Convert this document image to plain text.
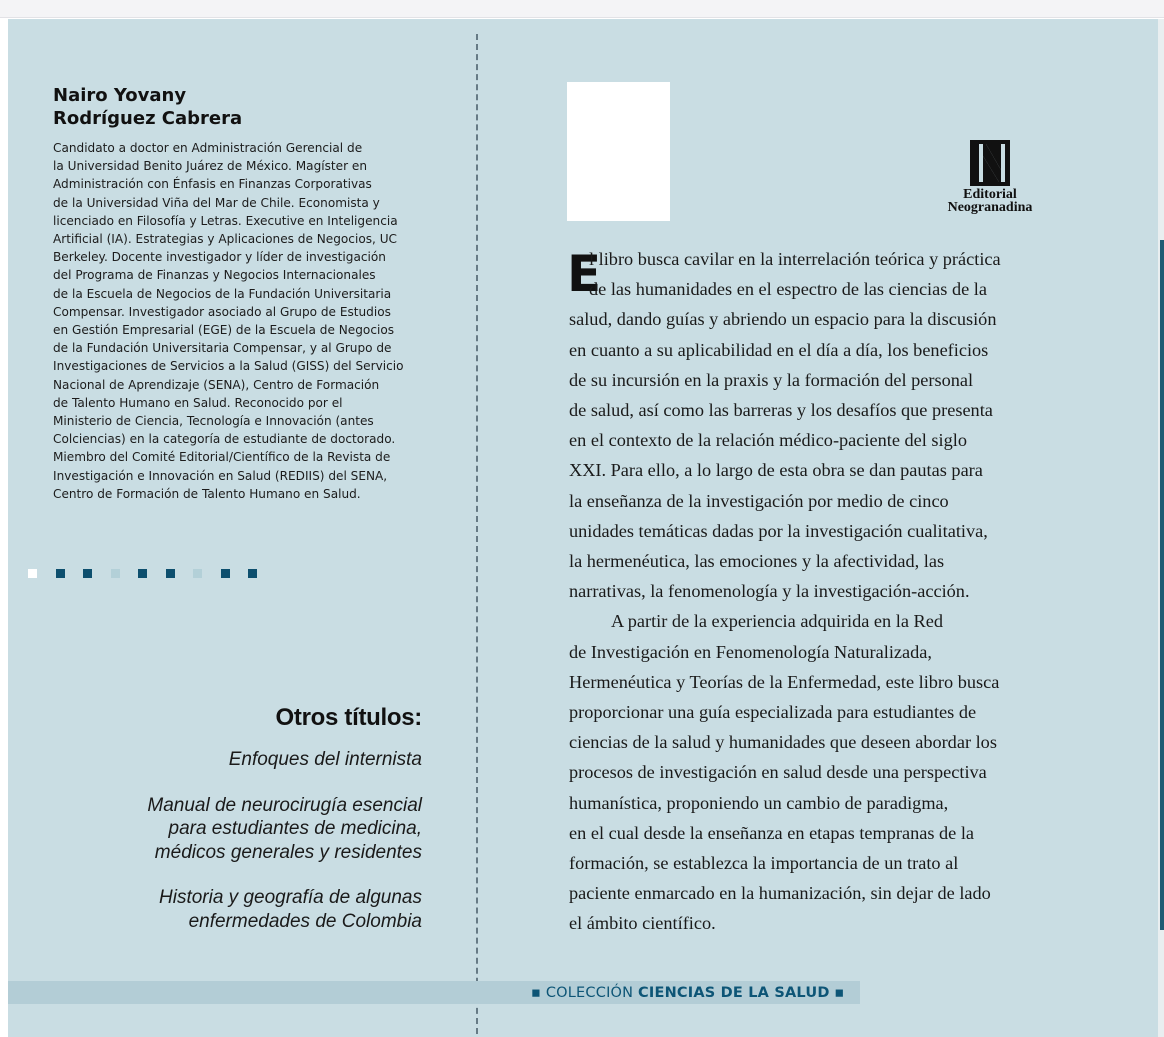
Nairo Yovany
Rodríguez Cabrera

Candidato a doctor en Administración Gerencial de

la Universidad Benito Juárez de México. Magíster en

Administración con Énfasis en Finanzas Corporativas

de la Universidad Viña del Mar de Chile. Economista y

licenciado en Filosofía y Letras. Executive en Inteligencia

Artificial (IA). Estrategias y Aplicaciones de Negocios, UC

Berkeley. Docente investigador y líder de investigación

del Programa de Finanzas y Negocios Internacionales

de la Escuela de Negocios de la Fundación Universitaria

Compensar. Investigador asociado al Grupo de Estudios

en Gestión Empresarial (EGE) de la Escuela de Negocios

de la Fundación Universitaria Compensar, y al Grupo de

Investigaciones de Servicios a la Salud (GISS) del Servicio

Nacional de Aprendizaje (SENA), Centro de Formación

de Talento Humano en Salud. Reconocido por el

Ministerio de Ciencia, Tecnología e Innovación (antes

Colciencias) en la categoría de estudiante de doctorado.

Miembro del Comité Editorial/Científico de la Revista de

Investigación e Innovación en Salud (REDIIS) del SENA,

Centro de Formación de Talento Humano en Salud.

Otros títulos:
Enfoques del internista
Manual de neurocirugía esencial
para estudiantes de medicina,
médicos generales y residentes
Historia y geografía de algunas
enfermedades de Colombia
Editorial
Neogranadina
E

l libro busca cavilar en la interrelación teórica y práctica

de las humanidades en el espectro de las ciencias de la

salud, dando guías y abriendo un espacio para la discusión

en cuanto a su aplicabilidad en el día a día, los beneficios

de su incursión en la praxis y la formación del personal

de salud, así como las barreras y los desafíos que presenta

en el contexto de la relación médico-paciente del siglo

XXI. Para ello, a lo largo de esta obra se dan pautas para

la enseñanza de la investigación por medio de cinco

unidades temáticas dadas por la investigación cualitativa,

la hermenéutica, las emociones y la afectividad, las

narrativas, la fenomenología y la investigación-acción.

A partir de la experiencia adquirida en la Red

de Investigación en Fenomenología Naturalizada,

Hermenéutica y Teorías de la Enfermedad, este libro busca

proporcionar una guía especializada para estudiantes de

ciencias de la salud y humanidades que deseen abordar los

procesos de investigación en salud desde una perspectiva

humanística, proponiendo un cambio de paradigma,

en el cual desde la enseñanza en etapas tempranas de la

formación, se establezca la importancia de un trato al

paciente enmarcado en la humanización, sin dejar de lado

el ámbito científico.

▪ COLECCIÓN CIENCIAS DE LA SALUD ▪
